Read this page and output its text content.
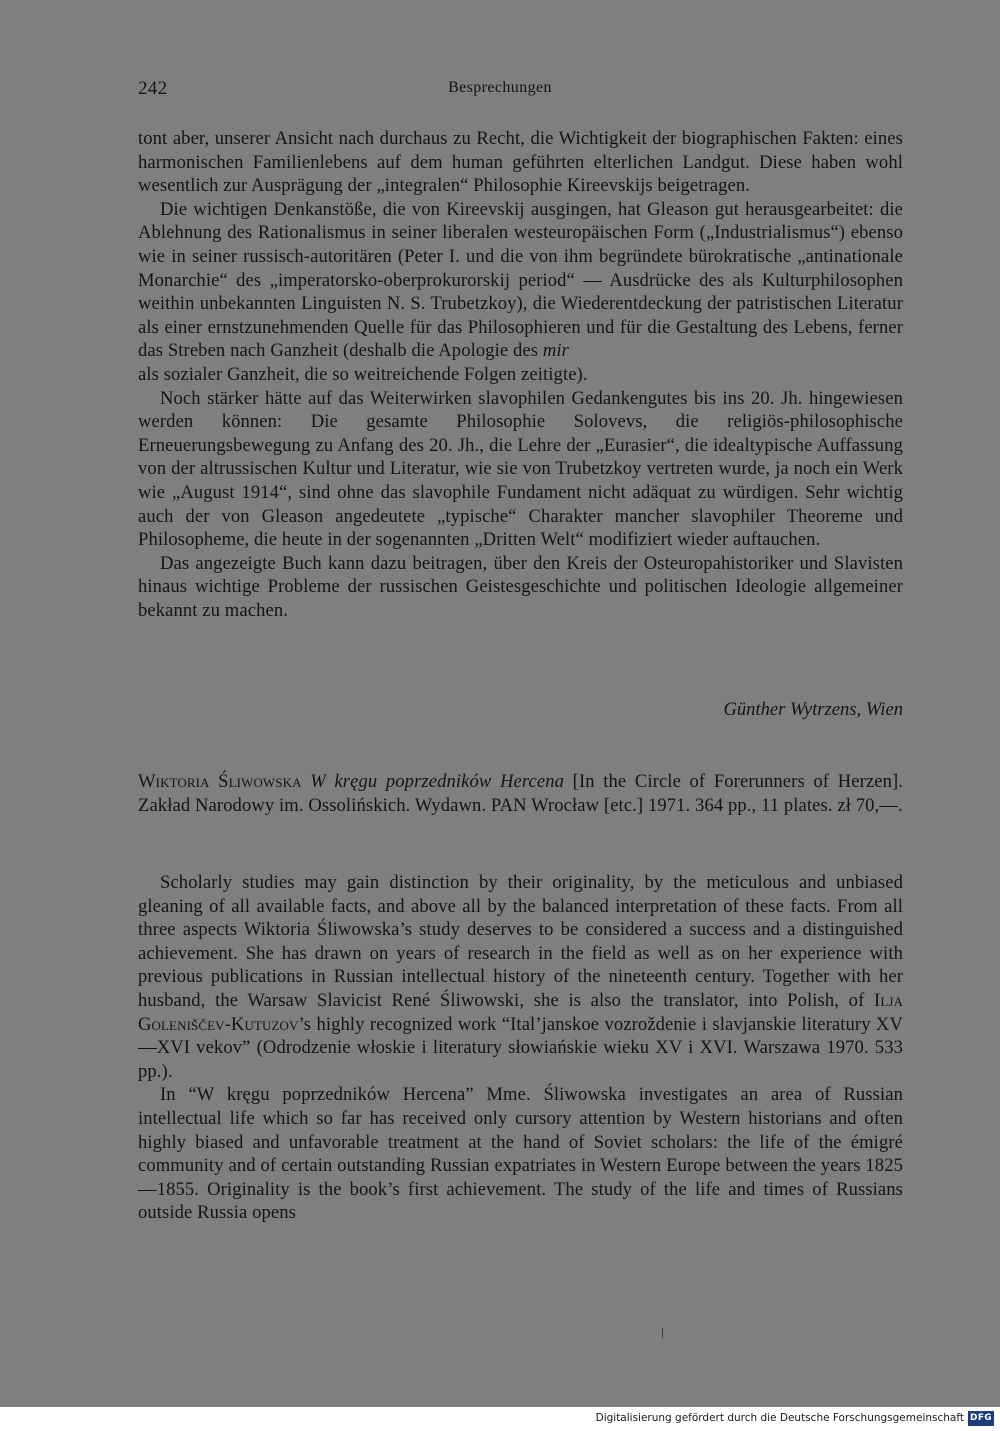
242	Besprechungen

tont aber, unserer Ansicht nach durchaus zu Recht, die Wichtigkeit der biographischen Fakten: eines harmonischen Familienlebens auf dem human geführten elterlichen Landgut. Diese haben wohl wesentlich zur Ausprägung der „integralen“ Philosophie Kireevskijs beigetragen.

Die wichtigen Denkanstöße, die von Kireevskij ausgingen, hat Gleason gut herausgearbeitet: die Ablehnung des Rationalismus in seiner liberalen westeuropäischen Form („Industrialismus“) ebenso wie in seiner russisch-autoritären (Peter I. und die von ihm begründete bürokratische „antinationale Monarchie“ des „imperatorsko-oberprokurorskij period“ — Ausdrücke des als Kulturphilosophen weithin unbekannten Linguisten N. S. Trubetzkoy), die Wiederentdeckung der patristischen Literatur als einer ernstzunehmenden Quelle für das Philosophieren und für die Gestaltung des Lebens, ferner das Streben nach Ganzheit (deshalb die Apologie des mir
als sozialer Ganzheit, die so weitreichende Folgen zeitigte).

Noch stärker hätte auf das Weiterwirken slavophilen Gedankengutes bis ins 20. Jh. hingewiesen werden können: Die gesamte Philosophie Solovevs, die religiös-philosophische Erneuerungsbewegung zu Anfang des 20. Jh., die Lehre der „Eurasier“, die idealtypische Auffassung von der altrussischen Kultur und Literatur, wie sie von Trubetzkoy vertreten wurde, ja noch ein Werk wie „August 1914“, sind ohne das slavophile Fundament nicht adäquat zu würdigen. Sehr wichtig auch der von Gleason angedeutete „typische“ Charakter mancher slavophiler Theoreme und Philosopheme, die heute in der sogenannten „Dritten Welt“ modifiziert wieder auftauchen.

Das angezeigte Buch kann dazu beitragen, über den Kreis der Osteuropahistoriker und Slavisten hinaus wichtige Probleme der russischen Geistesgeschichte und politischen Ideologie allgemeiner bekannt zu machen.

Günther Wytrzens, Wien

Wiktoria Śliwowska W kręgu poprzedników Hercena [In the Circle of Forerunners of Herzen]. Zakład Narodowy im. Ossolińskich. Wydawn. PAN Wrocław [etc.] 1971. 364 pp., 11 plates. zł 70,—.

Scholarly studies may gain distinction by their originality, by the meticulous and unbiased gleaning of all available facts, and above all by the balanced interpretation of these facts. From all three aspects Wiktoria Śliwowska’s study deserves to be considered a success and a distinguished achievement. She has drawn on years of research in the field as well as on her experience with previous publications in Russian intellectual history of the nineteenth century. Together with her husband, the Warsaw Slavicist René Śliwowski, she is also the translator, into Polish, of Ilja Goleniščev-Kutuzov’s highly recognized work “Ital’janskoe vozroždenie i slavjanskie literatury XV—XVI vekov” (Odrodzenie włoskie i literatury słowiańskie wieku XV i XVI. Warszawa 1970. 533 pp.).

In “W kręgu poprzedników Hercena” Mme. Śliwowska investigates an area of Russian intellectual life which so far has received only cursory attention by Western historians and often highly biased and unfavorable treatment at the hand of Soviet scholars: the life of the émigré community and of certain outstanding Russian expatriates in Western Europe between the years 1825—1855. Originality is the book’s first achievement. The study of the life and times of Russians outside Russia opens

Digitalisierung gefördert durch die Deutsche Forschungsgemeinschaft DFG
